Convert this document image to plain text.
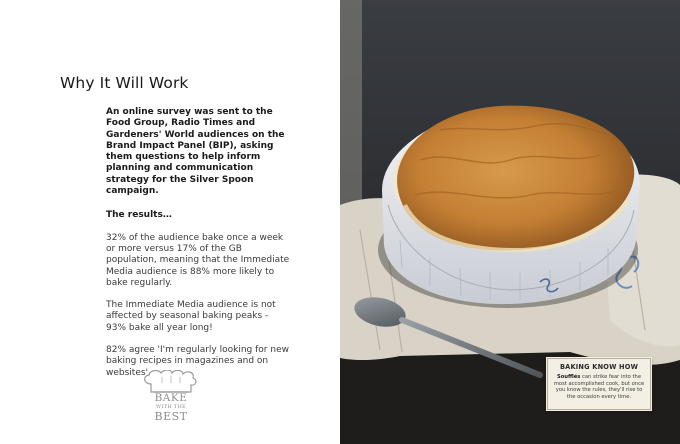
Why It Will Work
An online survey was sent to the Food Group, Radio Times and Gardeners' World audiences on the Brand Impact Panel (BIP), asking them questions to help inform planning and communication strategy for the Silver Spoon campaign.
The results…
32% of the audience bake once a week or more versus 17% of the GB population, meaning that the Immediate Media audience is 88% more likely to bake regularly.
The Immediate Media audience is not affected by seasonal baking peaks - 93% bake all year long!
82% agree 'I'm regularly looking for new baking recipes in magazines and on websites'.
BAKE
WITH THE
BEST
BAKING KNOW HOW
Soufflés can strike fear into the most accomplished cook, but once you know the rules, they'll rise to the occasion every time.
